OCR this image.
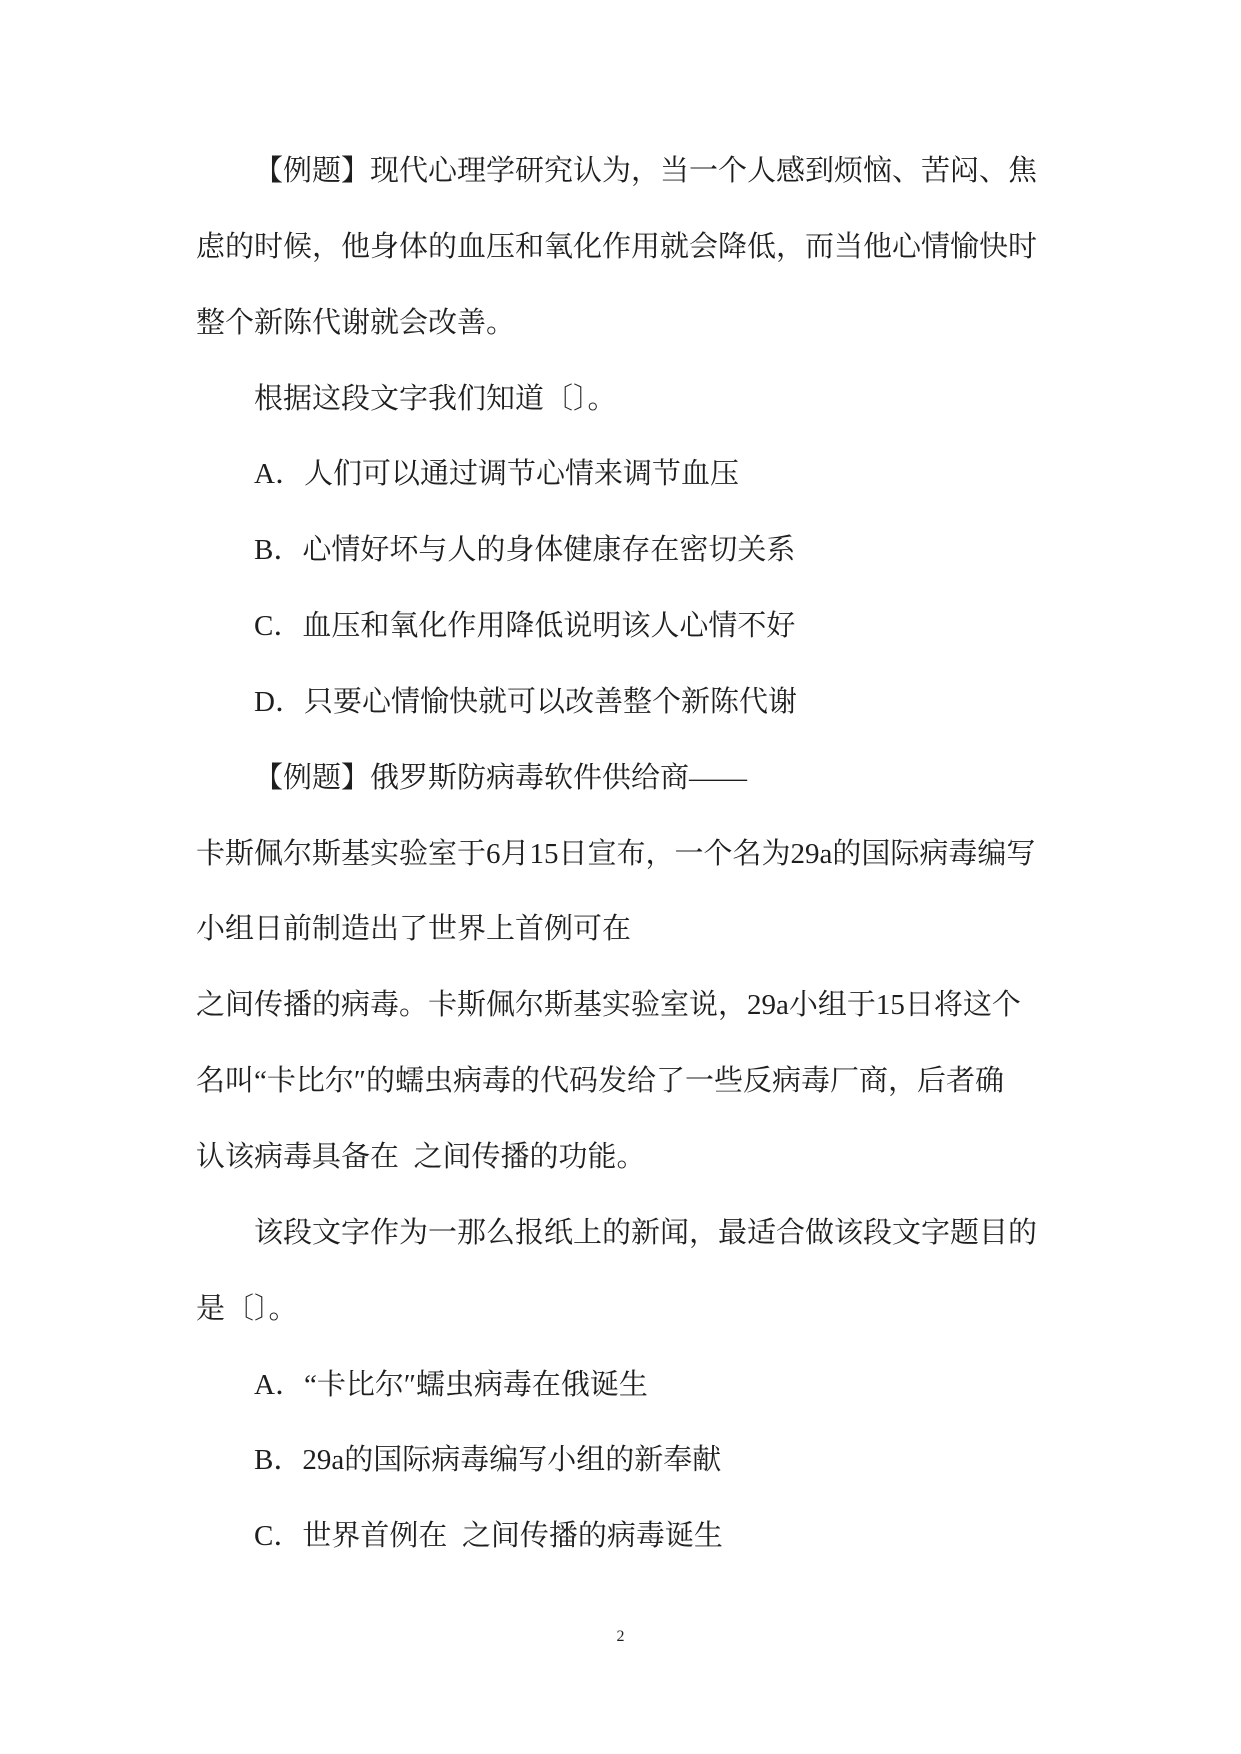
【例题】现代心理学研究认为，当一个人感到烦恼、苦闷、焦
虑的时候，他身体的血压和氧化作用就会降低，而当他心情愉快时
整个新陈代谢就会改善。
根据这段文字我们知道〔〕。
A．人们可以通过调节心情来调节血压
B．心情好坏与人的身体健康存在密切关系
C．血压和氧化作用降低说明该人心情不好
D．只要心情愉快就可以改善整个新陈代谢
【例题】俄罗斯防病毒软件供给商——
卡斯佩尔斯基实验室于6月15日宣布，一个名为29a的国际病毒编写
小组日前制造出了世界上首例可在
之间传播的病毒。卡斯佩尔斯基实验室说，29a小组于15日将这个
名叫“卡比尔″的蠕虫病毒的代码发给了一些反病毒厂商，后者确
认该病毒具备在  之间传播的功能。
该段文字作为一那么报纸上的新闻，最适合做该段文字题目的
是〔〕。
A．“卡比尔″蠕虫病毒在俄诞生
B．29a的国际病毒编写小组的新奉献
C．世界首例在  之间传播的病毒诞生
2
